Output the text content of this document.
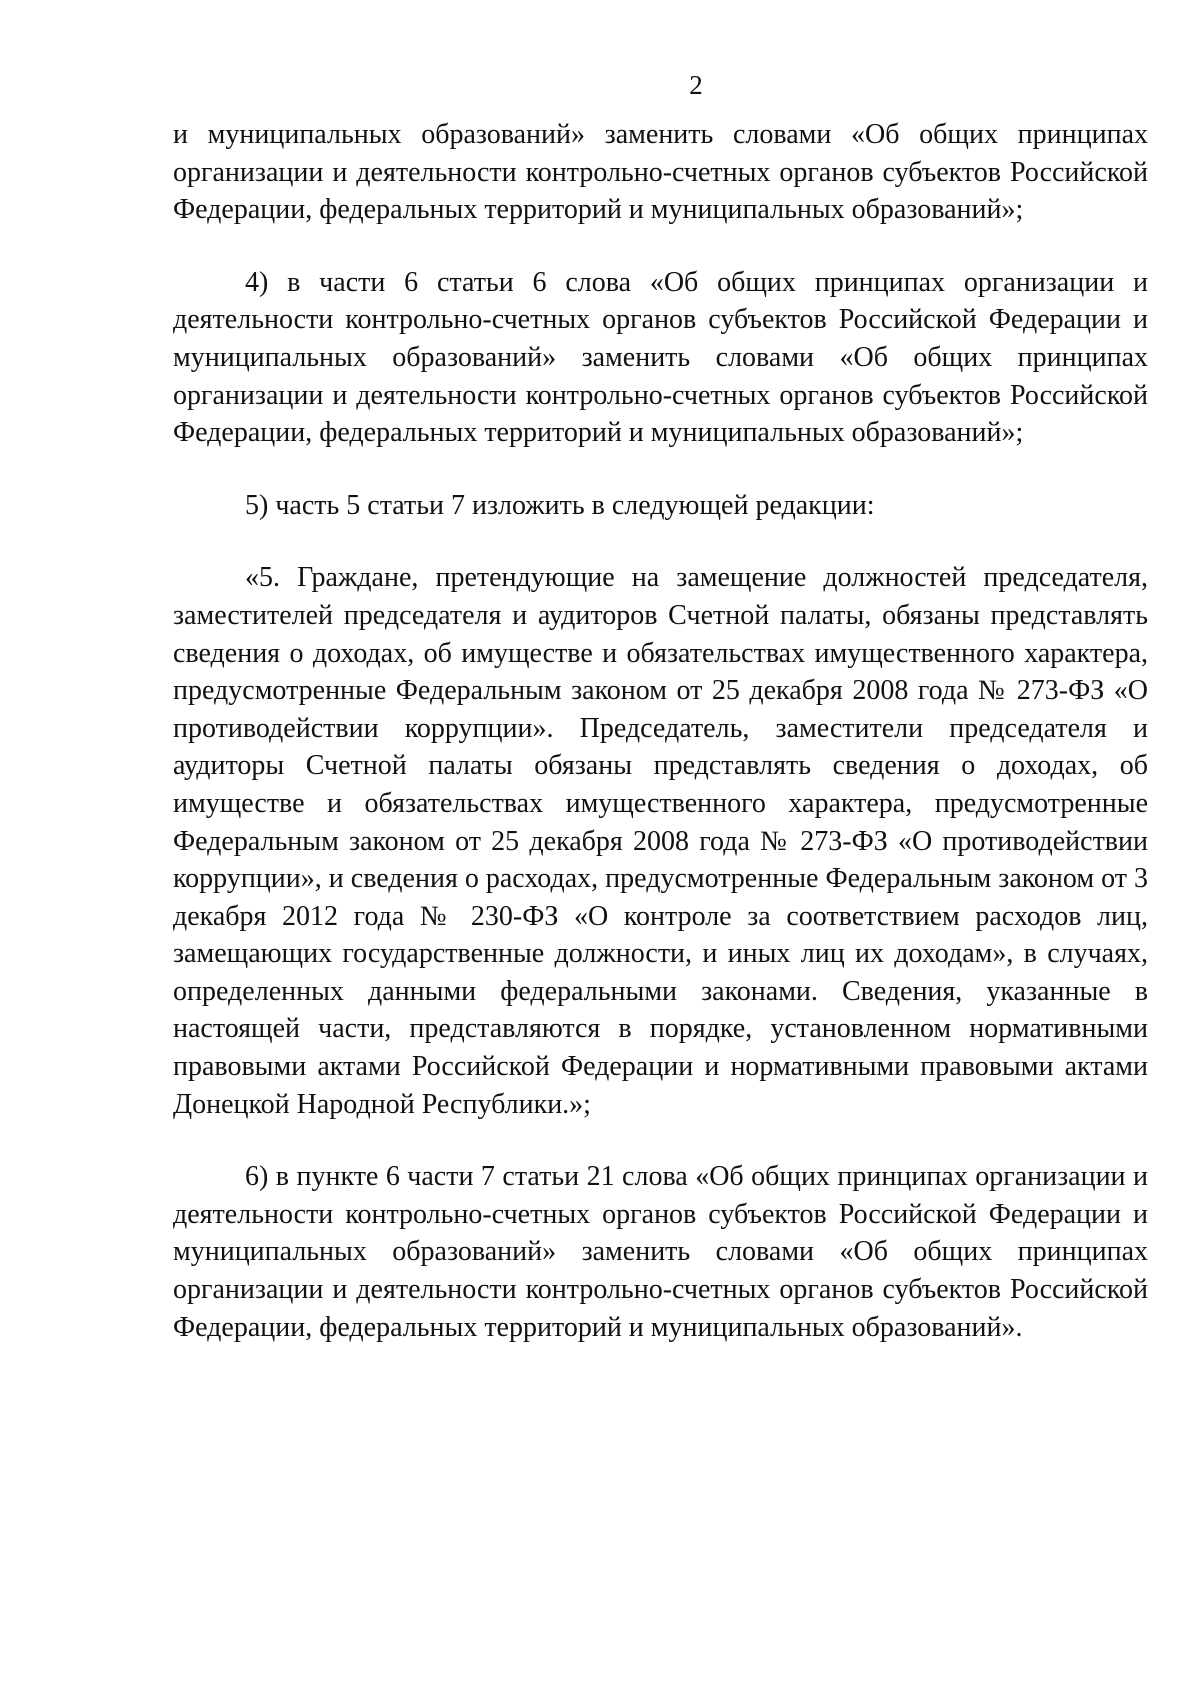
2

и муниципальных образований» заменить словами «Об общих принципах организации и деятельности контрольно-счетных органов субъектов Российской Федерации, федеральных территорий и муниципальных образований»;

4) в части 6 статьи 6 слова «Об общих принципах организации и деятельности контрольно-счетных органов субъектов Российской Федерации и муниципальных образований» заменить словами «Об общих принципах организации и деятельности контрольно-счетных органов субъектов Российской Федерации, федеральных территорий и муниципальных образований»;

5) часть 5 статьи 7 изложить в следующей редакции:

«5. Граждане, претендующие на замещение должностей председателя, заместителей председателя и аудиторов Счетной палаты, обязаны представлять сведения о доходах, об имуществе и обязательствах имущественного характера, предусмотренные Федеральным законом от 25 декабря 2008 года № 273-ФЗ «О противодействии коррупции». Председатель, заместители председателя и аудиторы Счетной палаты обязаны представлять сведения о доходах, об имуществе и обязательствах имущественного характера, предусмотренные Федеральным законом от 25 декабря 2008 года № 273-ФЗ «О противодействии коррупции», и сведения о расходах, предусмотренные Федеральным законом от 3 декабря 2012 года № 230-ФЗ «О контроле за соответствием расходов лиц, замещающих государственные должности, и иных лиц их доходам», в случаях, определенных данными федеральными законами. Сведения, указанные в настоящей части, представляются в порядке, установленном нормативными правовыми актами Российской Федерации и нормативными правовыми актами Донецкой Народной Республики.»;

6) в пункте 6 части 7 статьи 21 слова «Об общих принципах организации и деятельности контрольно-счетных органов субъектов Российской Федерации и муниципальных образований» заменить словами «Об общих принципах организации и деятельности контрольно-счетных органов субъектов Российской Федерации, федеральных территорий и муниципальных образований».
